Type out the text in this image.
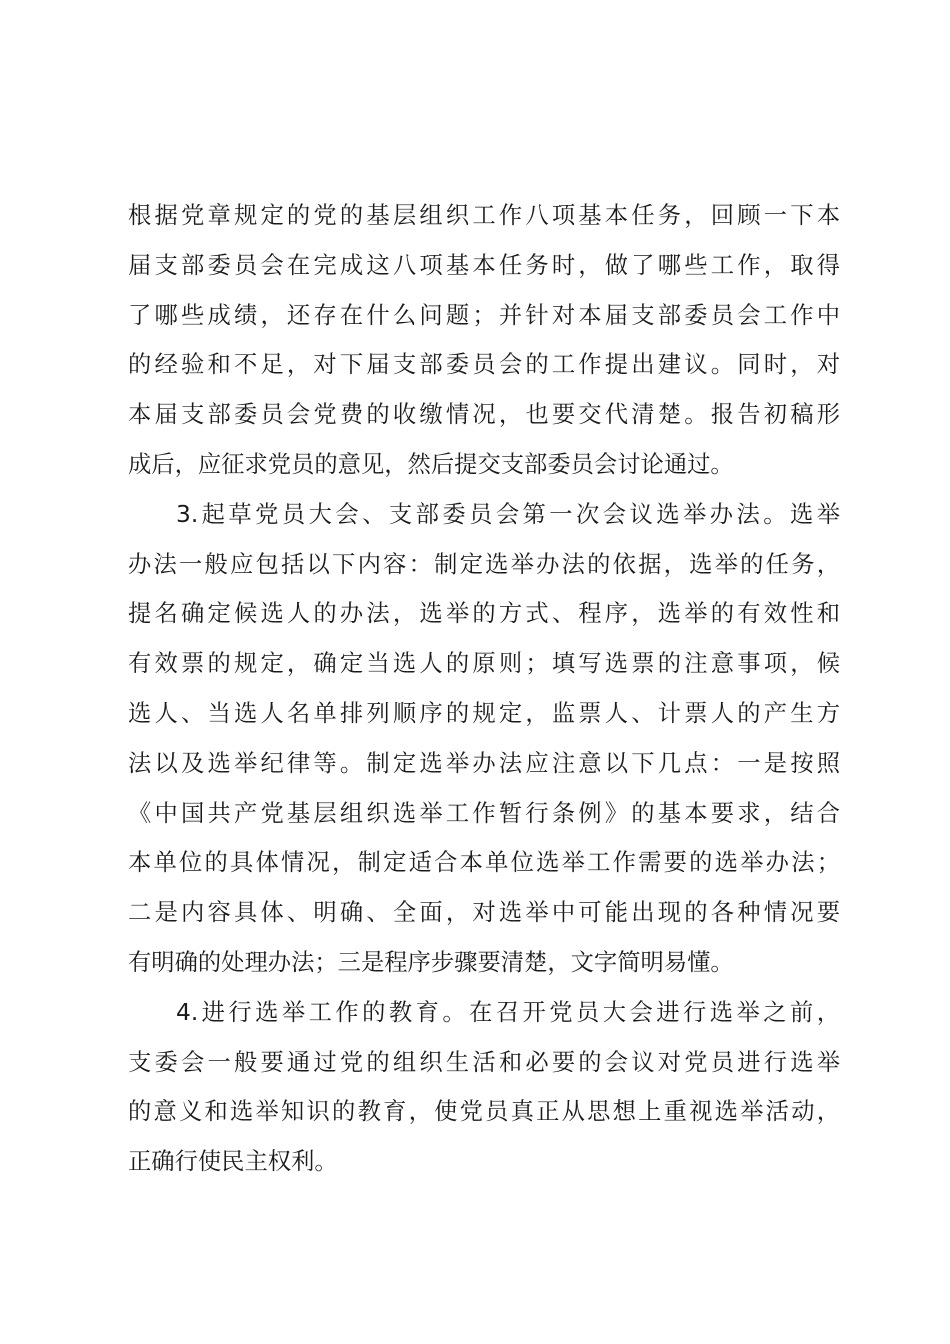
根据党章规定的党的基层组织工作八项基本任务，回顾一下本
届支部委员会在完成这八项基本任务时，做了哪些工作，取得
了哪些成绩，还存在什么问题；并针对本届支部委员会工作中
的经验和不足，对下届支部委员会的工作提出建议。同时，对
本届支部委员会党费的收缴情况，也要交代清楚。报告初稿形
成后，应征求党员的意见，然后提交支部委员会讨论通过。
3.起草党员大会、支部委员会第一次会议选举办法。选举
办法一般应包括以下内容：制定选举办法的依据，选举的任务，
提名确定候选人的办法，选举的方式、程序，选举的有效性和
有效票的规定，确定当选人的原则；填写选票的注意事项，候
选人、当选人名单排列顺序的规定，监票人、计票人的产生方
法以及选举纪律等。制定选举办法应注意以下几点：一是按照
《中国共产党基层组织选举工作暂行条例》的基本要求，结合
本单位的具体情况，制定适合本单位选举工作需要的选举办法；
二是内容具体、明确、全面，对选举中可能出现的各种情况要
有明确的处理办法；三是程序步骤要清楚，文字简明易懂。
4.进行选举工作的教育。在召开党员大会进行选举之前，
支委会一般要通过党的组织生活和必要的会议对党员进行选举
的意义和选举知识的教育，使党员真正从思想上重视选举活动，
正确行使民主权利。
